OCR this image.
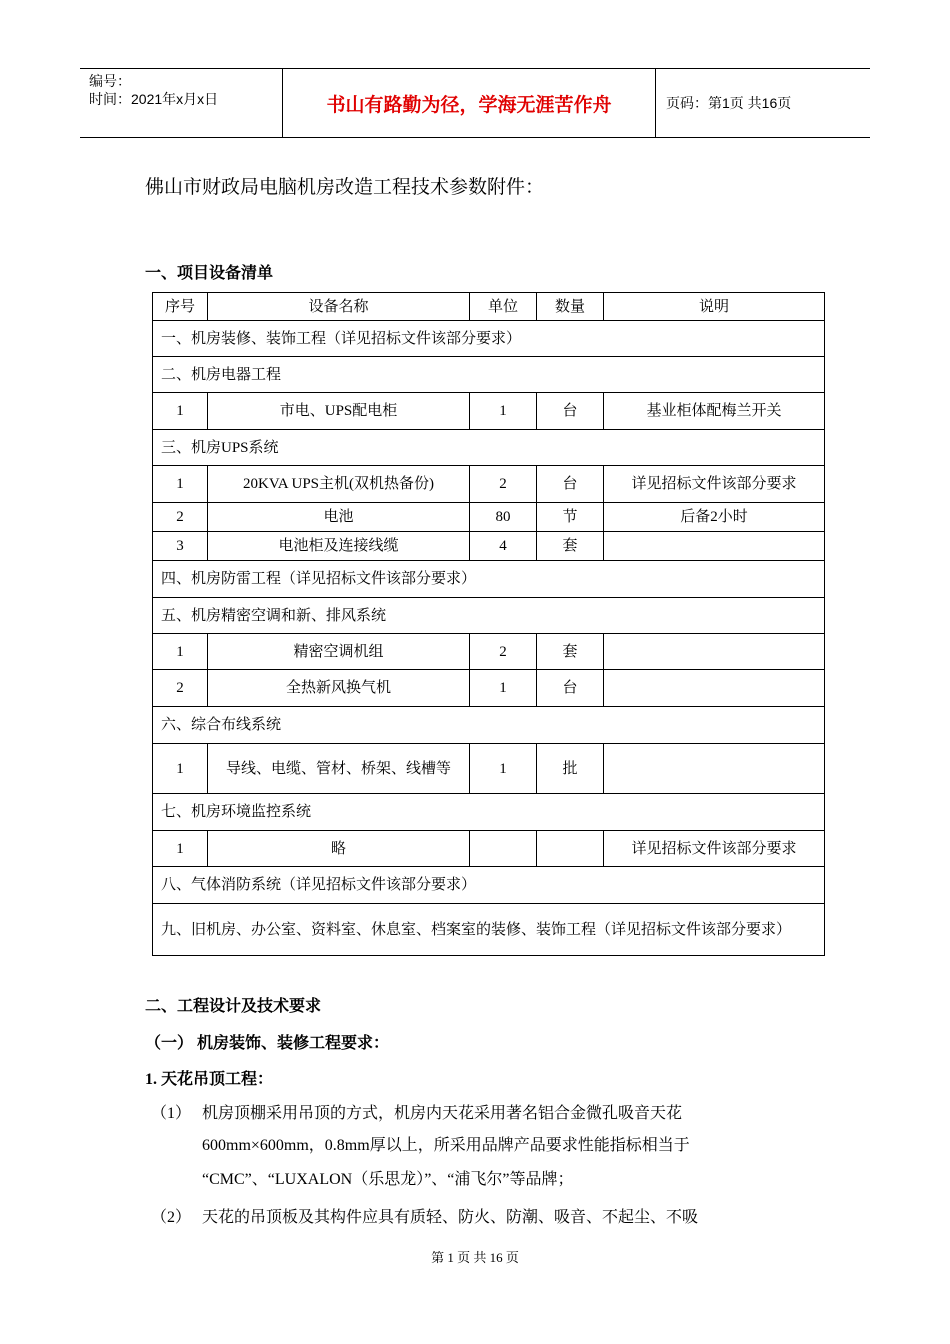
编号：
时间：2021年x月x日	书山有路勤为径，学海无涯苦作舟	页码：第1页 共16页
佛山市财政局电脑机房改造工程技术参数附件：
一、项目设备清单
序号	设备名称	单位	数量	说明
一、机房装修、装饰工程（详见招标文件该部分要求）				
二、机房电器工程				
1	市电、UPS配电柜	1	台	基业柜体配梅兰开关
三、机房UPS系统				
1	20KVA UPS主机(双机热备份)	2	台	详见招标文件该部分要求
2	电池	80	节	后备2小时
3	电池柜及连接线缆	4	套	
四、机房防雷工程（详见招标文件该部分要求）				
五、机房精密空调和新、排风系统				
1	精密空调机组	2	套	
2	全热新风换气机	1	台	
六、综合布线系统				
1	导线、电缆、管材、桥架、线槽等	1	批	
七、机房环境监控系统				
1	略			详见招标文件该部分要求
八、气体消防系统（详见招标文件该部分要求）				
九、旧机房、办公室、资料室、休息室、档案室的装修、装饰工程（详见招标文件该部分要求）				
二、工程设计及技术要求
（一） 机房装饰、装修工程要求：
1. 天花吊顶工程：
（1） 机房顶棚采用吊顶的方式，机房内天花采用著名铝合金微孔吸音天花
600mm×600mm，0.8mm厚以上，所采用品牌产品要求性能指标相当于
“CMC”、“LUXALON（乐思龙）”、“浦飞尔”等品牌；
（2） 天花的吊顶板及其构件应具有质轻、防火、防潮、吸音、不起尘、不吸
第 1 页 共 16 页
